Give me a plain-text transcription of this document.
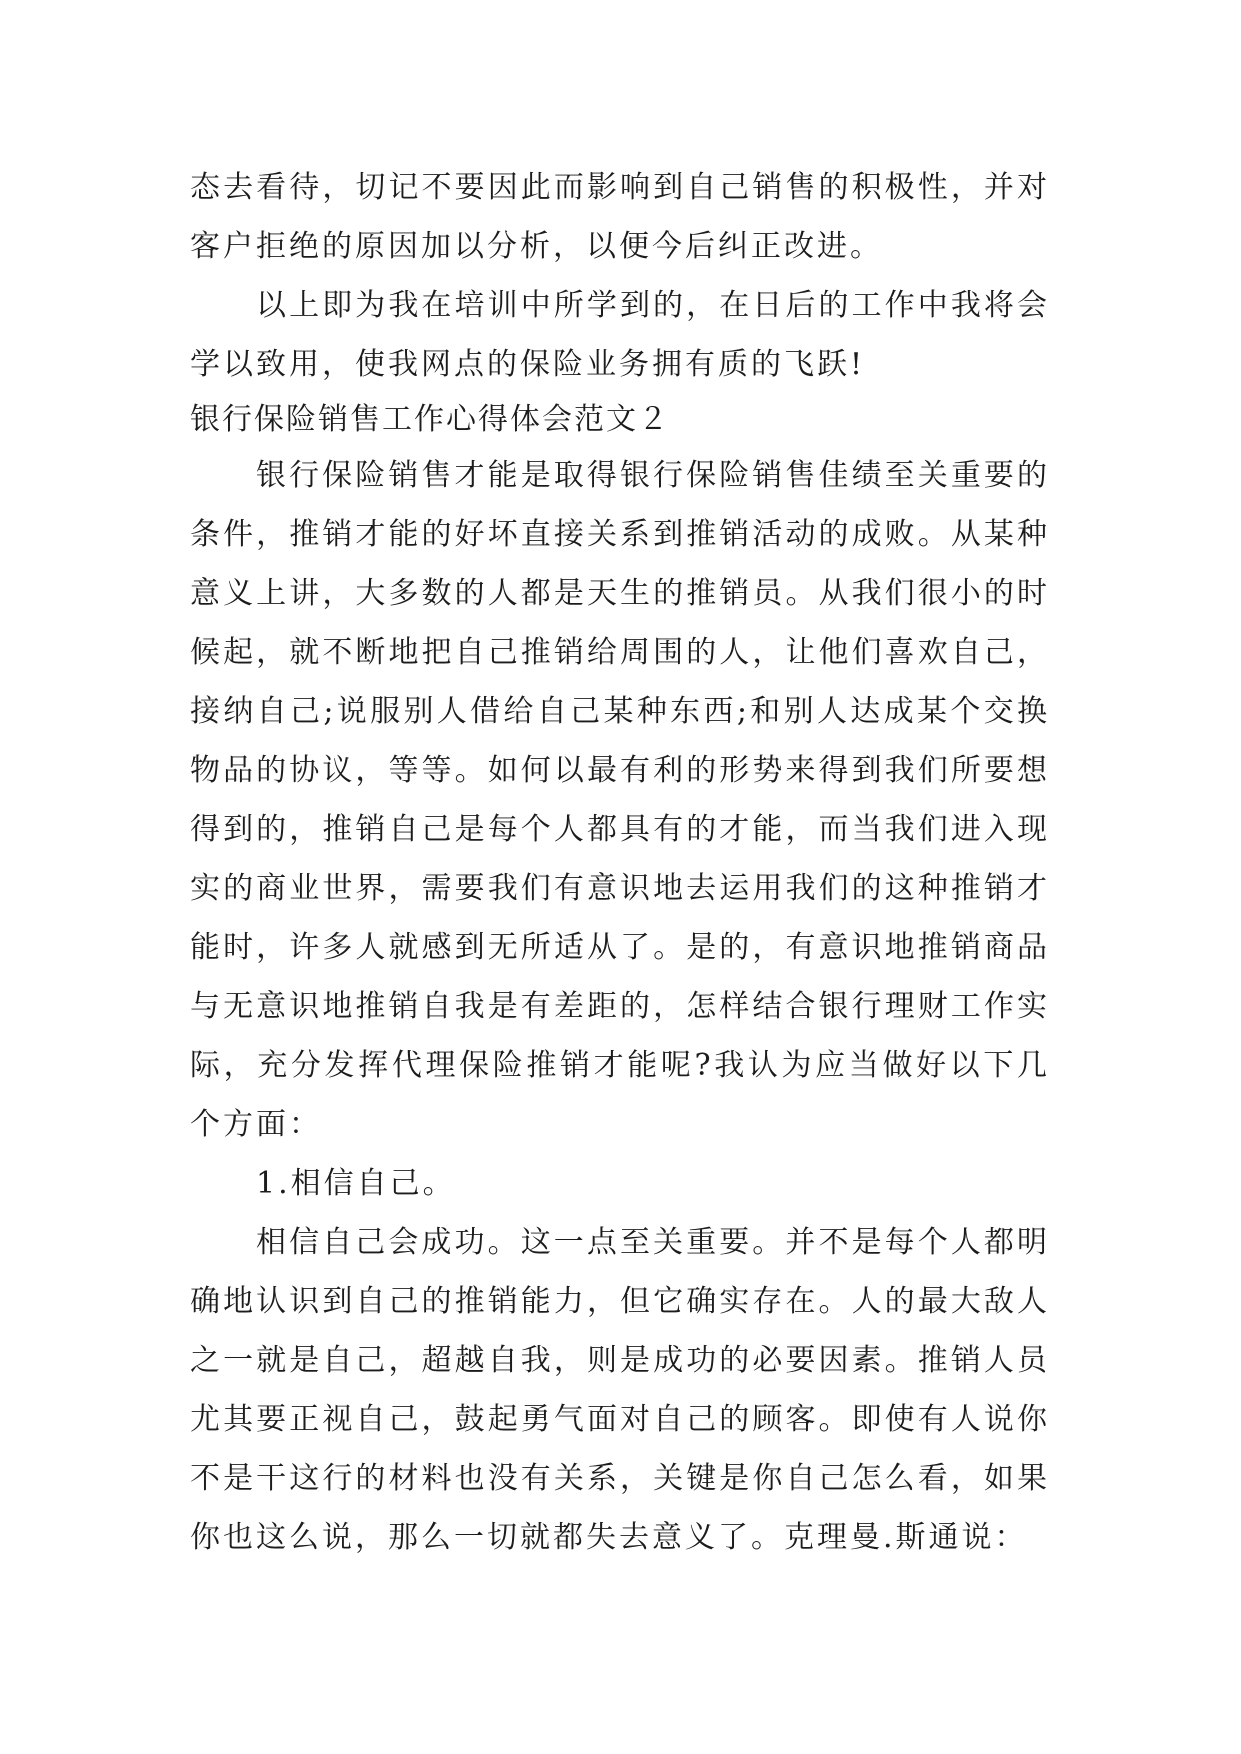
态去看待，切记不要因此而影响到自己销售的积极性，并对客户拒绝的原因加以分析，以便今后纠正改进。

以上即为我在培训中所学到的，在日后的工作中我将会学以致用，使我网点的保险业务拥有质的飞跃!

银行保险销售工作心得体会范文２

银行保险销售才能是取得银行保险销售佳绩至关重要的条件，推销才能的好坏直接关系到推销活动的成败。从某种意义上讲，大多数的人都是天生的推销员。从我们很小的时候起，就不断地把自己推销给周围的人，让他们喜欢自己，接纳自己;说服别人借给自己某种东西;和别人达成某个交换物品的协议，等等。如何以最有利的形势来得到我们所要想得到的，推销自己是每个人都具有的才能，而当我们进入现实的商业世界，需要我们有意识地去运用我们的这种推销才能时，许多人就感到无所适从了。是的，有意识地推销商品与无意识地推销自我是有差距的，怎样结合银行理财工作实际，充分发挥代理保险推销才能呢?我认为应当做好以下几个方面：

1.相信自己。

相信自己会成功。这一点至关重要。并不是每个人都明确地认识到自己的推销能力，但它确实存在。人的最大敌人之一就是自己，超越自我，则是成功的必要因素。推销人员尤其要正视自己，鼓起勇气面对自己的顾客。即使有人说你不是干这行的材料也没有关系，关键是你自己怎么看，如果你也这么说，那么一切就都失去意义了。克理曼.斯通说：
